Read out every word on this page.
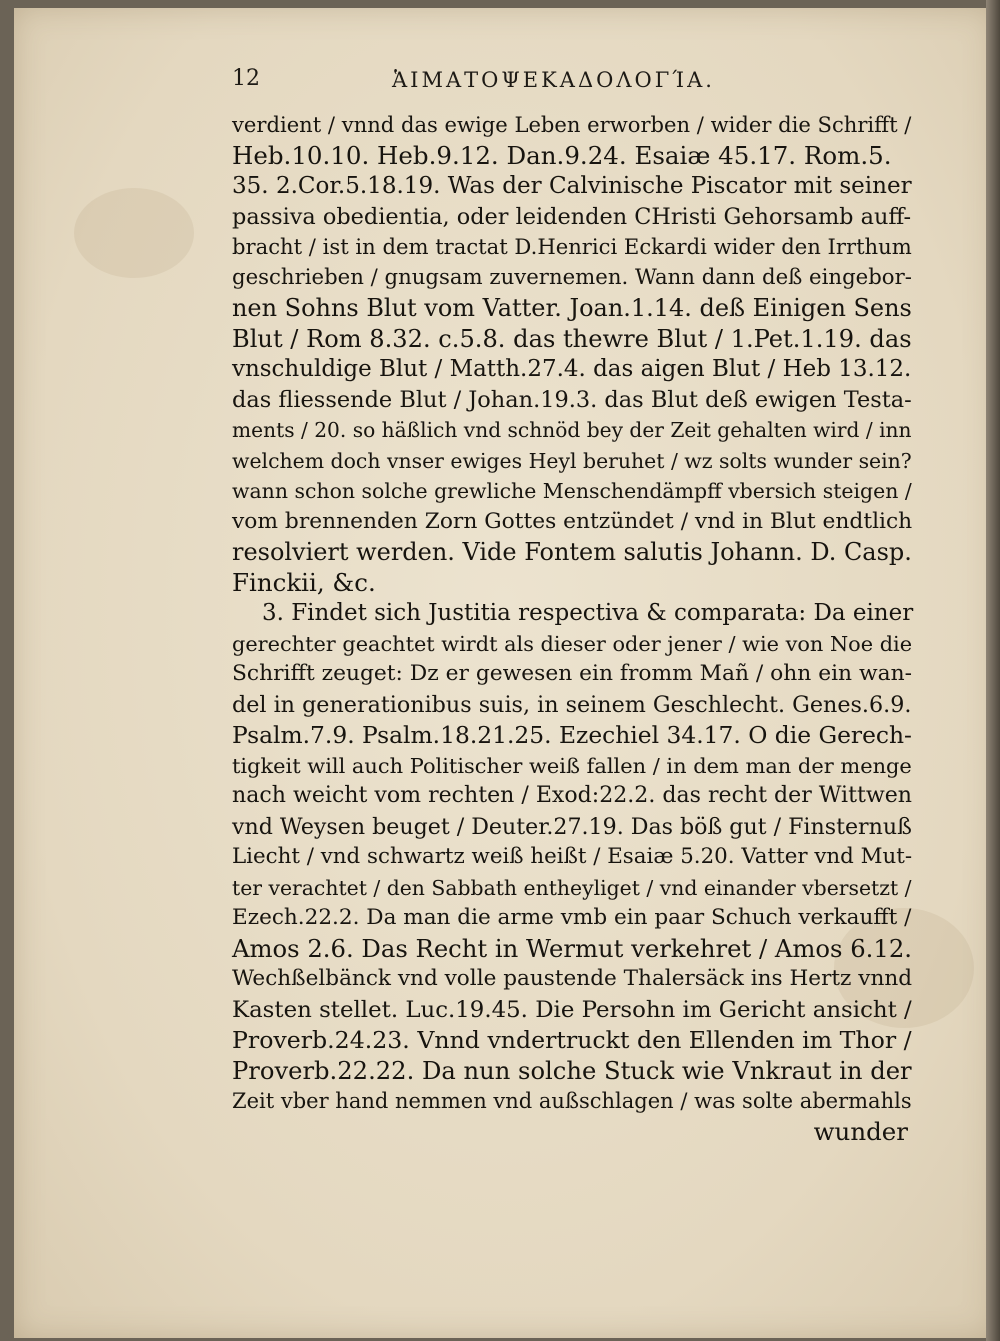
12	ἉΙΜΑΤΟΨΕΚΑΔΟΛΟΓΊΑ.
verdient / vnnd das ewige Leben erworben / wider die Schrifft /
Heb.10.10. Heb.9.12. Dan.9.24. Esaiæ 45.17. Rom.5.
35. 2.Cor.5.18.19. Was der Calvinische Piscator mit seiner
passiva obedientia, oder leidenden CHristi Gehorsamb auff-
bracht / ist in dem tractat D.Henrici Eckardi wider den Irrthum
geschrieben / gnugsam zuvernemen. Wann dann deß eingebor-
nen Sohns Blut vom Vatter. Joan.1.14. deß Einigen Sens
Blut / Rom 8.32. c.5.8. das thewre Blut / 1.Pet.1.19. das
vnschuldige Blut / Matth.27.4. das aigen Blut / Heb 13.12.
das fliessende Blut / Johan.19.3. das Blut deß ewigen Testa-
ments / 20. so häßlich vnd schnöd bey der Zeit gehalten wird / inn
welchem doch vnser ewiges Heyl beruhet / wz solts wunder sein?
wann schon solche grewliche Menschendämpff vbersich steigen /
vom brennenden Zorn Gottes entzündet / vnd in Blut endtlich
resolviert werden. Vide Fontem salutis Johann. D. Casp.
Finckii, &c.
3. Findet sich Justitia respectiva & comparata: Da einer
gerechter geachtet wirdt als dieser oder jener / wie von Noe die
Schrifft zeuget: Dz er gewesen ein fromm Mañ / ohn ein wan-
del in generationibus suis, in seinem Geschlecht. Genes.6.9.
Psalm.7.9. Psalm.18.21.25. Ezechiel 34.17. O die Gerech-
tigkeit will auch Politischer weiß fallen / in dem man der menge
nach weicht vom rechten / Exod:22.2. das recht der Wittwen
vnd Weysen beuget / Deuter.27.19. Das böß gut / Finsternuß
Liecht / vnd schwartz weiß heißt / Esaiæ 5.20. Vatter vnd Mut-
ter verachtet / den Sabbath entheyliget / vnd einander vbersetzt /
Ezech.22.2. Da man die arme vmb ein paar Schuch verkaufft /
Amos 2.6. Das Recht in Wermut verkehret / Amos 6.12.
Wechßelbänck vnd volle paustende Thalersäck ins Hertz vnnd
Kasten stellet. Luc.19.45. Die Persohn im Gericht ansicht /
Proverb.24.23. Vnnd vndertruckt den Ellenden im Thor /
Proverb.22.22. Da nun solche Stuck wie Vnkraut in der
Zeit vber hand nemmen vnd außschlagen / was solte abermahls
wunder
